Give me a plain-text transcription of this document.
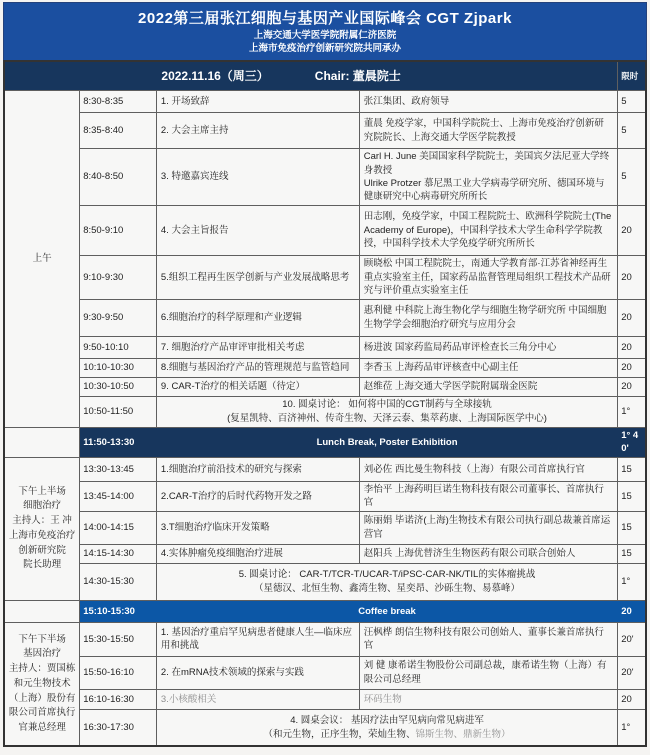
2022第三届张江细胞与基因产业国际峰会 CGT Zjpark
上海交通大学医学院附属仁济医院
上海市免疫治疗创新研究院共同承办
2022.11.16（周三） Chair: 董晨院士				限时
上午	8:30-8:35	1. 开场致辞	张江集团、政府领导	5
	8:35-8:40	2. 大会主席主持	董晨 免疫学家，中国科学院院士、上海市免疫治疗创新研究院院长、上海交通大学医学院教授	5
	8:40-8:50	3. 特邀嘉宾连线	Carl H. June 美国国家科学院院士，美国宾夕法尼亚大学终身教授
Ulrike Protzer 慕尼黑工业大学病毒学研究所、德国环境与健康研究中心病毒研究所所长	5
	8:50-9:10	4. 大会主旨报告	田志刚，免疫学家，中国工程院院士、欧洲科学院院士(The Academy of Europe)，中国科学技术大学生命科学学院教授，中国科学技术大学免疫学研究所所长	20
	9:10-9:30	5.组织工程再生医学创新与产业发展战略思考	顾晓松 中国工程院院士，南通大学教育部·江苏省神经再生重点实验室主任，国家药品监督管理局组织工程技术产品研究与评价重点实验室主任	20
	9:30-9:50	6.细胞治疗的科学原理和产业逻辑	惠利健 中科院上海生物化学与细胞生物学研究所 中国细胞生物学学会细胞治疗研究与应用分会	20
	9:50-10:10	7. 细胞治疗产品审评审批相关考虑	杨进波 国家药监局药品审评检查长三角分中心	20
	10:10-10:30	8.细胞与基因治疗产品的管理规范与监管趋同	李香玉 上海药品审评核查中心副主任	20
	10:30-10:50	9. CAR-T治疗的相关话题（待定）	赵维莅 上海交通大学医学院附属瑞金医院	20
	10:50-11:50	10. 圆桌讨论： 如何将中国的CGT制药与全球接轨
(复星凯特、百济神州、传奇生物、天泽云泰、集萃药康、上海国际医学中心)		1°
	11:50-13:30	Lunch Break, Poster Exhibition		1° 40'

下午上半场
细胞治疗
主持人：王 冲
上海市免疫治疗创新研究院
院长助理	13:30-13:45	1.细胞治疗前沿技术的研究与探索	刘必佐 西比曼生物科技（上海）有限公司首席执行官	15
	13:45-14:00	2.CAR-T治疗的后时代药物开发之路	李怡平 上海药明巨诺生物科技有限公司董事长、首席执行官	15
	14:00-14:15	3.T细胞治疗临床开发策略	陈丽娟 毕诺济(上海)生物技术有限公司执行副总裁兼首席运营官	15
	14:15-14:30	4.实体肿瘤免疫细胞治疗进展	赵阳兵 上海优替济生生物医药有限公司联合创始人	15
	14:30-15:30	5. 圆桌讨论： CAR-T/TCR-T/UCAR-T/iPSC-CAR-NK/TIL的实体瘤挑战
（星德汉、北恒生物、鑫湾生物、星奕昂、沙砾生物、易慕峰）		1°
	15:10-15:30	Coffee break		20

下午下半场
基因治疗
主持人：贾国栋
和元生物技术（上海）股份有限公司首席执行官兼总经理	15:30-15:50	1. 基因治疗重启罕见病患者健康人生—临床应用和挑战	汪枫桦 朗信生物科技有限公司创始人、董事长兼首席执行官	20'
	15:50-16:10	2. 在mRNA技术领域的探索与实践	刘 健 康希诺生物股份公司副总裁，康希诺生物（上海）有限公司总经理	20'
	16:10-16:30	3.小核酸相关	环码生物	20
	16:30-17:30	4. 圆桌会议： 基因疗法由罕见病向常见病进军
（和元生物，正序生物，荣灿生物、锦斯生物、鼎新生物）		1°
